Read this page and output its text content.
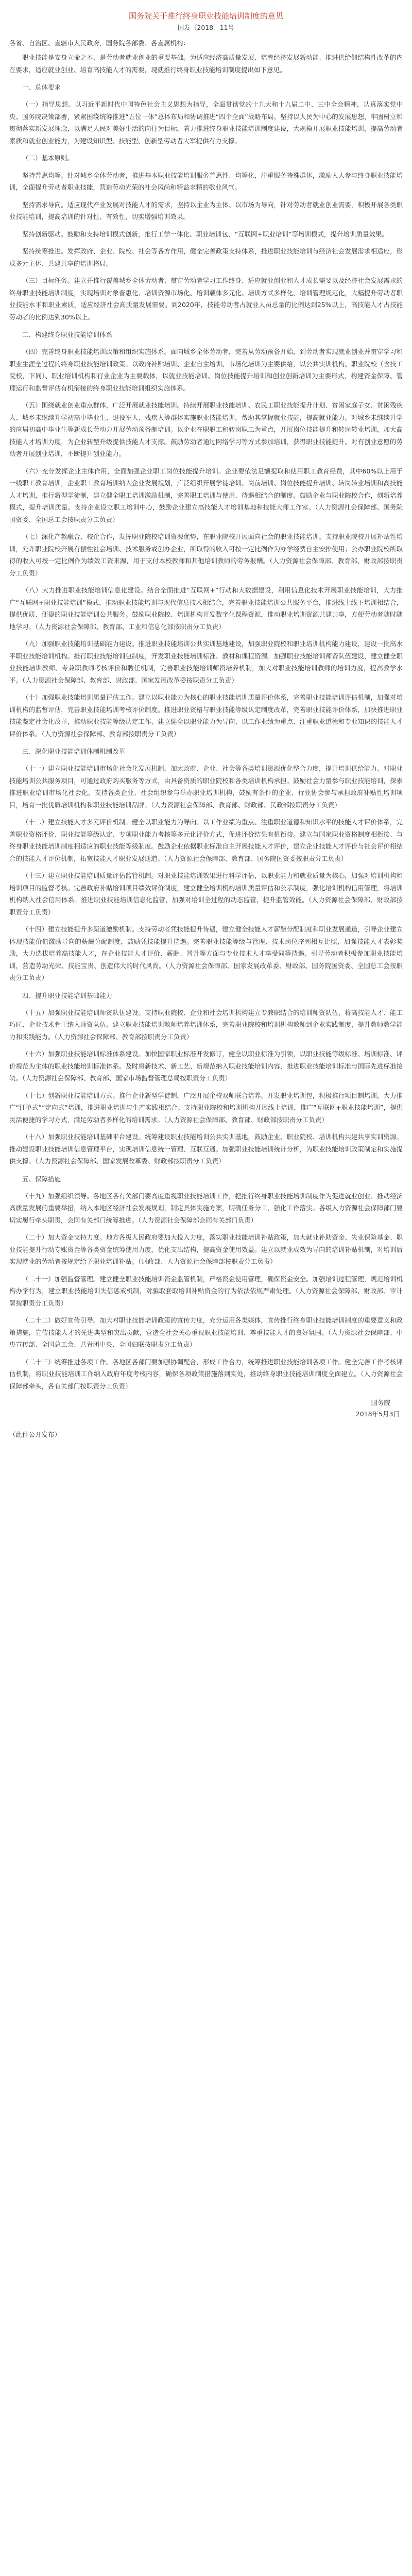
国务院关于推行终身职业技能培训制度的意见
国发〔2018〕11号
各省、自治区、直辖市人民政府，国务院各部委、各直属机构：

职业技能是安身立命之本，是劳动者就业创业的重要基础。为适应经济高质量发展、培育经济发展新动能、推进供给侧结构性改革的内在要求，适应就业创业、培育高技能人才的需要，现就推行终身职业技能培训制度提出如下意见。

一、总体要求

（一）指导思想。以习近平新时代中国特色社会主义思想为指导，全面贯彻党的十九大和十九届二中、三中全会精神，认真落实党中央、国务院决策部署，紧紧围绕统筹推进“五位一体”总体布局和协调推进“四个全面”战略布局，坚持以人民为中心的发展思想，牢固树立和贯彻落实新发展理念，以满足人民对美好生活的向往为目标，着力推进终身职业技能培训制度建设，大规模开展职业技能培训，提高劳动者素质和就业创业能力，为建设知识型、技能型、创新型劳动者大军提供有力支撑。

（二）基本原则。

坚持普惠均等。针对城乡全体劳动者，推进基本职业技能培训服务普惠性、均等化，注重服务特殊群体，激励人人参与终身职业技能培训，全面提升劳动者职业技能，营造劳动光荣的社会风尚和精益求精的敬业风气。

坚持需求导向。适应现代产业发展对技能人才的需求，坚持以企业为主体、以市场为导向，针对劳动者就业创业需要，积极开展各类职业技能培训，提高培训的针对性、有效性，切实增强培训效果。

坚持创新驱动。鼓励和支持培训模式创新，推行工学一体化、职业培训包、“互联网+职业培训”等培训模式，提升培训质量效果。

坚持统筹推进。发挥政府、企业、院校、社会等各方作用，健全完善政策支持体系，推进职业技能培训与经济社会发展需求相适应，形成多元主体、共建共享的培训格局。

（三）目标任务。建立并推行覆盖城乡全体劳动者、贯穿劳动者学习工作终身、适应就业创业和人才成长需要以及经济社会发展需求的终身职业技能培训制度，实现培训对象普惠化、培训资源市场化、培训载体多元化、培训方式多样化、培训管理规范化，大幅提升劳动者职业技能水平和职业素质，适应经济社会高质量发展需要。到2020年，技能劳动者占就业人员总量的比例达到25%以上，高技能人才占技能劳动者的比例达到30%以上。

二、构建终身职业技能培训体系

（四）完善终身职业技能培训政策和组织实施体系。面向城乡全体劳动者，完善从劳动预备开始，到劳动者实现就业创业并贯穿学习和职业生涯全过程的终身职业技能培训政策。以政府补贴培训、企业自主培训、市场化培训为主要供给，以公共实训机构、职业院校（含技工院校，下同）、职业培训机构和行业企业为主要载体，以就业技能培训、岗位技能提升培训和创业创新培训为主要形式，构建资金保障、管理运行和监督评估有机衔接的终身职业技能培训组织实施体系。

（五）围绕就业创业重点群体，广泛开展就业技能培训。持续开展职业技能培训、农民工职业技能提升计划、贫困家庭子女、贫困残疾人、城乡未继续升学初高中毕业生、退役军人、残疾人等群体实施职业技能培训，帮助其掌握就业技能，提高就业能力。对城乡未继续升学的应届初高中毕业生等新成长劳动力开展劳动预备制培训。以企业在职职工和转岗职工为重点，开展岗位技能提升和转岗转业培训，加大高技能人才培训力度，为企业转型升级提供技能人才支撑。鼓励劳动者通过网络学习等方式参加培训，获得职业技能提升。对有创业意愿的劳动者开展创业培训，不断提升创业能力。

（六）充分发挥企业主体作用，全面加强企业职工岗位技能提升培训。企业要依法足额提取和使用职工教育经费，其中60%以上用于一线职工教育培训，企业职工教育培训纳入企业发展规划，广泛组织开展学徒培训、岗前培训、岗位技能提升培训、转岗转业培训和高技能人才培训，推行新型学徒制，建立健全职工培训激励机制，完善职工培训与使用、待遇相结合的制度。鼓励企业与职业院校合作，创新培养模式，提升培训质量。支持企业设立职工培训中心，鼓励企业建立高技能人才培训基地和技能大师工作室。（人力资源社会保障部、国务院国资委、全国总工会按职责分工负责）

（七）深化产教融合、校企合作，发挥职业院校培训资源优势，在职业院校开展面向社会的职业技能培训。支持职业院校开展补贴性培训，允许职业院校开展有偿性社会培训、技术服务或创办企业，所取得的收入可按一定比例作为办学经费自主安排使用；公办职业院校所取得的收入可按一定比例作为绩效工资来源，用于支付本校教师和其他培训教师的劳务报酬。（人力资源社会保障部、教育部、财政部按职责分工负责）

（八）大力推进职业技能培训信息化建设。结合全面推进“互联网+”行动和大数据建设，利用信息化技术开展职业技能培训，大力推广“互联网+职业技能培训”模式，推动职业技能培训与现代信息技术相结合，完善职业技能培训公共服务平台，推进线上线下培训相结合，提供优质、便捷的职业技能培训公共服务。鼓励职业院校、培训机构开发数字化课程资源，推动职业培训资源共建共享，方便劳动者随时随地学习。（人力资源社会保障部、教育部、工业和信息化部按职责分工负责）

（九）加强职业技能培训基础能力建设。推进职业技能培训公共实训基地建设，加强职业院校和职业培训机构能力建设，建设一批高水平职业技能培训机构。推行职业技能培训包制度，开发职业技能培训标准、教材和课程资源。加强职业技能培训师资队伍建设，建立健全职业技能培训教师、专兼职教师考核评价和聘任机制，完善职业技能培训师资培养机制，加大对职业技能培训教师的培训力度，提高教学水平。（人力资源社会保障部、教育部、财政部、国家发展改革委按职责分工负责）

（十）加强职业技能培训质量评估工作。建立以职业能力为核心的职业技能培训质量评价体系，完善职业技能培训评估机制，加强对培训机构的监督评估，完善职业技能培训考核评价制度。推进职业资格与职业技能等级认定制度改革，完善职业技能评价体系，加快推进职业技能鉴定社会化改革，推动职业技能等级认定工作，建立健全以职业能力为导向、以工作业绩为重点、注重职业道德和专业知识的技能人才评价体系。（人力资源社会保障部、教育部按职责分工负责）

三、深化职业技能培训体制机制改革

（十一）建立职业技能培训市场化社会化发展机制。加大政府、企业、社会等各类培训资源优化整合力度，提升培训供给能力。对职业技能培训公共服务项目，可通过政府购买服务等方式，由具备资质的职业院校和各类培训机构承担。鼓励社会力量参与职业技能培训，探索推进职业培训市场化社会化，支持各类企业、社会组织参与举办职业培训机构，鼓励有条件的企业、行业协会参与承担政府补贴性培训项目，培育一批优质培训机构和职业技能培训品牌。（人力资源社会保障部、教育部、财政部、民政部按职责分工负责）

（十二）建立技能人才多元评价机制。健全以职业能力为导向、以工作业绩为重点、注重职业道德和知识水平的技能人才评价体系，完善职业资格评价、职业技能等级认定、专项职业能力考核等多元化评价方式，促进评价结果有机衔接。建立与国家职业资格制度相衔接、与终身职业技能培训制度相适应的职业技能等级制度。鼓励企业依据职业标准自主开展技能人才评价，建立企业技能人才评价与社会评价相结合的技能人才评价机制，拓宽技能人才职业发展通道。（人力资源社会保障部、教育部、国务院国资委按职责分工负责）

（十三）建立职业技能培训质量评估监管机制。对职业技能培训效果进行科学评估，以职业能力和就业质量为核心，加强对培训机构和培训项目的监督考核。完善政府补贴培训项目绩效评价制度，建立健全培训机构培训质量评估和公示制度，强化培训机构信用管理，将培训机构纳入社会信用体系。推进职业技能培训信息化监管，加强对培训全过程的动态监管，提升监管效能。（人力资源社会保障部、财政部按职责分工负责）

（十四）建立技能提升多渠道激励机制。支持劳动者凭技能提升待遇，建立健全技能人才薪酬分配制度和职业发展通道，引导企业建立体现技能价值激励导向的薪酬分配制度，鼓励凭技能提升待遇。完善职业技能等级与管理、技术岗位序列相互比照，加强技能人才表彰奖励，大力选拔培养高技能人才，在企业技能人才评价、薪酬、晋升等方面与专业技术人才享受同等待遇。引导劳动者积极参加职业技能培训，营造劳动光荣、技能宝贵、创造伟大的时代风尚。（人力资源社会保障部、国家发展改革委、财政部、国务院国资委、全国总工会按职责分工负责）

四、提升职业技能培训基础能力

（十五）加强职业技能培训师资队伍建设。支持职业院校、企业和社会培训机构建立专兼职结合的培训师资队伍，将高技能人才、能工巧匠、企业技术骨干纳入师资队伍。建立职业技能培训教师培养培训体系，完善职业院校和培训机构教师到企业实践制度，提升教师教学能力和实践能力。（人力资源社会保障部、教育部按职责分工负责）

（十六）加强职业技能培训标准体系建设。加快国家职业标准开发修订，健全以职业标准为引领，以职业技能等级标准、培训标准、评价规范为主体的职业技能培训标准体系。及时将新技术、新工艺、新规范纳入职业技能培训内容，推进职业技能培训标准与国际先进标准接轨。（人力资源社会保障部、教育部、国家市场监督管理总局按职责分工负责）

（十七）创新职业技能培训方式。推行企业新型学徒制，广泛开展企校双师联合培养。开发职业培训包，积极推行项目制培训，大力推广“订单式”“定向式”培训，推进职业培训与生产实践相结合。支持职业院校和培训机构开展线上培训，推广“互联网+职业技能培训”，提供灵活便捷的学习方式，满足劳动者多样化的培训需求。（人力资源社会保障部、教育部、财政部按职责分工负责）

（十八）加强职业技能培训基础平台建设。统筹建设职业技能培训公共实训基地，鼓励企业、职业院校、培训机构共建共享实训资源。推动建设职业技能培训信息管理平台，实现培训信息统一管理、互联互通。加强职业技能培训统计分析，为职业技能培训政策制定和实施提供支撑。（人力资源社会保障部、国家发展改革委、财政部按职责分工负责）

五、保障措施

（十九）加强组织领导。各地区各有关部门要高度重视职业技能培训工作，把推行终身职业技能培训制度作为促进就业创业、推动经济高质量发展的重要举措，纳入本地区经济社会发展规划，制定具体实施方案，明确任务分工，强化工作落实。各级人力资源社会保障部门要切实履行牵头职责，会同有关部门统筹推进。（人力资源社会保障部会同有关部门负责）

（二十）加大资金支持力度。地方各级人民政府要加大投入力度，落实职业技能培训补贴政策，加大就业补助资金、失业保险基金、职业技能提升行动专账资金等各类资金统筹使用力度，优化支出结构，提高资金使用效益。建立以就业成效为导向的培训补贴机制，对培训后实现就业的劳动者按规定给予职业培训补贴。（财政部、人力资源社会保障部按职责分工负责）

（二十一）加强监督管理。建立健全职业技能培训资金监管机制，严格资金使用管理，确保资金安全。加强培训过程管理，规范培训机构办学行为，建立职业技能培训失信惩戒机制，对骗取套取培训补贴资金的行为依法依规严肃处理。（人力资源社会保障部、财政部、审计署按职责分工负责）

（二十二）做好宣传引导。加大对职业技能培训政策的宣传力度，充分运用各类媒体，宣传推行终身职业技能培训制度的重要意义和政策措施，宣传技能人才的先进典型和突出贡献，营造全社会关心重视职业技能培训、尊重技能人才的良好氛围。（人力资源社会保障部、中央宣传部、全国总工会、共青团中央、全国妇联按职责分工负责）

（二十三）统筹推进各项工作。各地区各部门要加强协调配合，形成工作合力，统筹推进职业技能培训各项工作。健全完善工作考核评估机制，将职业技能培训工作纳入政府年度考核内容，确保各项政策措施落到实处，推动终身职业技能培训制度全面建立。（人力资源社会保障部牵头，各有关部门按职责分工负责）

国务院
2018年5月3日
（此件公开发布）
